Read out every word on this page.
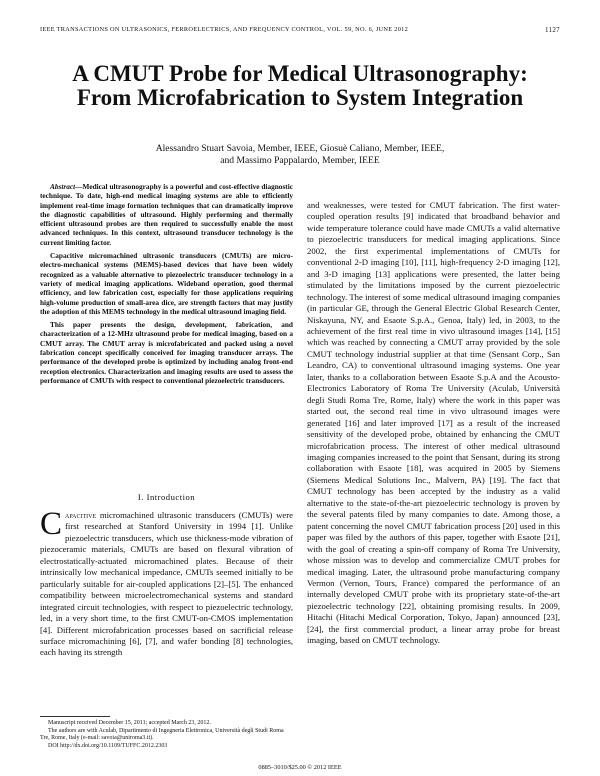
IEEE TRANSACTIONS ON ULTRASONICS, FERROELECTRICS, AND FREQUENCY CONTROL, VOL. 59, NO. 6, JUNE 2012	1127
A CMUT Probe for Medical Ultrasonography: From Microfabrication to System Integration
Alessandro Stuart Savoia, Member, IEEE, Giosuè Caliano, Member, IEEE,
and Massimo Pappalardo, Member, IEEE

Abstract—Medical ultrasonography is a powerful and cost-effective diagnostic technique. To date, high-end medical imaging systems are able to efficiently implement real-time image formation techniques that can dramatically improve the diagnostic capabilities of ultrasound. Highly performing and thermally efficient ultrasound probes are then required to successfully enable the most advanced techniques. In this context, ultrasound transducer technology is the current limiting factor.

Capacitive micromachined ultrasonic transducers (CMUTs) are micro-electro-mechanical systems (MEMS)-based devices that have been widely recognized as a valuable alternative to piezoelectric transducer technology in a variety of medical imaging applications. Wideband operation, good thermal efficiency, and low fabrication cost, especially for those applications requiring high-volume production of small-area dice, are strength factors that may justify the adoption of this MEMS technology in the medical ultrasound imaging field.

This paper presents the design, development, fabrication, and characterization of a 12-MHz ultrasound probe for medical imaging, based on a CMUT array. The CMUT array is microfabricated and packed using a novel fabrication concept specifically conceived for imaging transducer arrays. The performance of the developed probe is optimized by including analog front-end reception electronics. Characterization and imaging results are used to assess the performance of CMUTs with respect to conventional piezoelectric transducers.

I. Introduction
Capacitive micromachined ultrasonic transducers (CMUTs) were first researched at Stanford University in 1994 [1]. Unlike piezoelectric transducers, which use thickness-mode vibration of piezoceramic materials, CMUTs are based on flexural vibration of electrostatically-actuated micromachined plates. Because of their intrinsically low mechanical impedance, CMUTs seemed initially to be particularly suitable for air-coupled applications [2]–[5]. The enhanced compatibility between microelectromechanical systems and standard integrated circuit technologies, with respect to piezoelectric technology, led, in a very short time, to the first CMUT-on-CMOS implementation [4]. Different microfabrication processes based on sacrificial release surface micromachining [6], [7], and wafer bonding [8] technologies, each having its strength

and weaknesses, were tested for CMUT fabrication. The first water-coupled operation results [9] indicated that broadband behavior and wide temperature tolerance could have made CMUTs a valid alternative to piezoelectric transducers for medical imaging applications. Since 2002, the first experimental implementations of CMUTs for conventional 2-D imaging [10], [11], high-frequency 2-D imaging [12], and 3-D imaging [13] applications were presented, the latter being stimulated by the limitations imposed by the current piezoelectric technology. The interest of some medical ultrasound imaging companies (in particular GE, through the General Electric Global Research Center, Niskayuna, NY, and Esaote S.p.A., Genoa, Italy) led, in 2003, to the achievement of the first real time in vivo ultrasound images [14], [15] which was reached by connecting a CMUT array provided by the sole CMUT technology industrial supplier at that time (Sensant Corp., San Leandro, CA) to conventional ultrasound imaging systems. One year later, thanks to a collaboration between Esaote S.p.A and the Acousto-Electronics Laboratory of Roma Tre University (Aculab, Università degli Studi Roma Tre, Rome, Italy) where the work in this paper was started out, the second real time in vivo ultrasound images were generated [16] and later improved [17] as a result of the increased sensitivity of the developed probe, obtained by enhancing the CMUT microfabrication process. The interest of other medical ultrasound imaging companies increased to the point that Sensant, during its strong collaboration with Esaote [18], was acquired in 2005 by Siemens (Siemens Medical Solutions Inc., Malvern, PA) [19]. The fact that CMUT technology has been accepted by the industry as a valid alternative to the state-of-the-art piezoelectric technology is proven by the several patents filed by many companies to date. Among those, a patent concerning the novel CMUT fabrication process [20] used in this paper was filed by the authors of this paper, together with Esaote [21], with the goal of creating a spin-off company of Roma Tre University, whose mission was to develop and commercialize CMUT probes for medical imaging. Later, the ultrasound probe manufacturing company Vermon (Vernon, Tours, France) compared the performance of an internally developed CMUT probe with its proprietary state-of-the-art piezoelectric technology [22], obtaining promising results. In 2009, Hitachi (Hitachi Medical Corporation, Tokyo, Japan) announced [23], [24], the first commercial product, a linear array probe for breast imaging, based on CMUT technology.

Manuscript received December 15, 2011; accepted March 23, 2012.

The authors are with Aculab, Dipartimento di Ingegneria Elettronica, Università degli Studi Roma Tre, Rome, Italy (e-mail: savoia@uniroma3.it).

DOI http://dx.doi.org/10.1109/TUFFC.2012.2303

0885–3010/$25.00 © 2012 IEEE
